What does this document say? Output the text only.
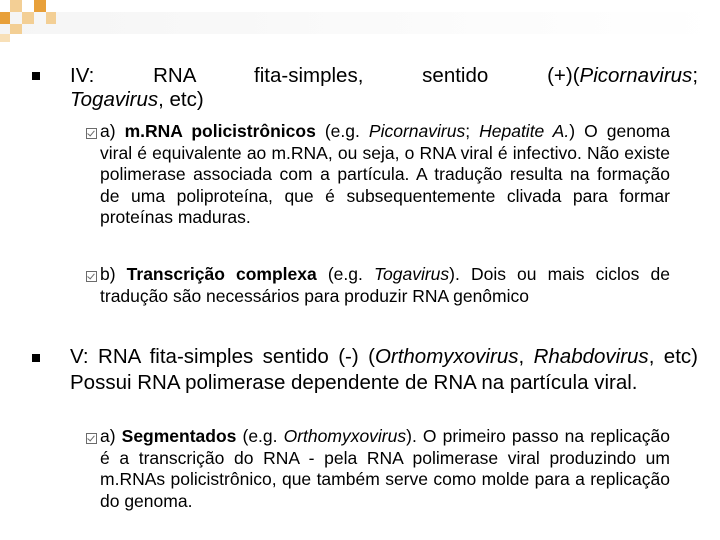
IV:	RNA	fita-simples,	sentido	(+)(Picornavirus;
Togavirus, etc)
a) m.RNA policistrônicos (e.g. Picornavirus; Hepatite A.) O genoma viral é equivalente ao m.RNA, ou seja, o RNA viral é infectivo. Não existe polimerase associada com a partícula. A tradução resulta na formação de uma poliproteína, que é subsequentemente clivada para formar proteínas maduras.
b) Transcrição complexa (e.g. Togavirus). Dois ou mais ciclos de tradução são necessários para produzir RNA genômico
V: RNA fita-simples sentido (-) (Orthomyxovirus, Rhabdovirus, etc) Possui RNA polimerase dependente de RNA na partícula viral.
a) Segmentados (e.g. Orthomyxovirus). O primeiro passo na replicação é a transcrição do RNA - pela RNA polimerase viral produzindo um m.RNAs policistrônico, que também serve como molde para a replicação do genoma.
